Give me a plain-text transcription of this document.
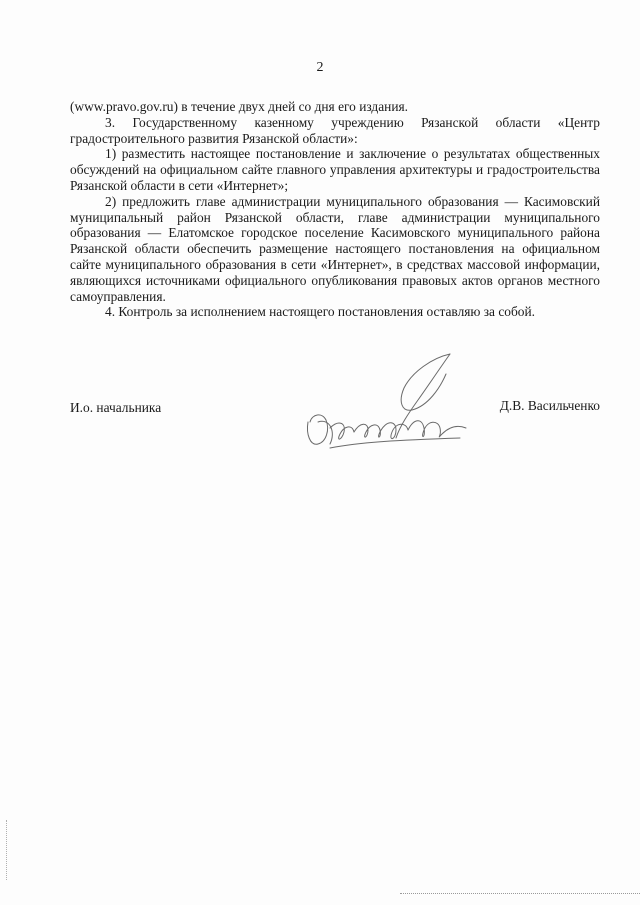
2

(www.pravo.gov.ru) в течение двух дней со дня его издания.

3. Государственному казенному учреждению Рязанской области «Центр градостроительного развития Рязанской области»:

1) разместить настоящее постановление и заключение о результатах общественных обсуждений на официальном сайте главного управления архитектуры и градостроительства Рязанской области в сети «Интернет»;

2) предложить главе администрации муниципального образования — Касимовский муниципальный район Рязанской области, главе администрации муниципального образования — Елатомское городское поселение Касимовского муниципального района Рязанской области обеспечить размещение настоящего постановления на официальном сайте муниципального образования в сети «Интернет», в средствах массовой информации, являющихся источниками официального опубликования правовых актов органов местного самоуправления.

4. Контроль за исполнением настоящего постановления оставляю за собой.

И.о. начальника	Д.В. Васильченко
